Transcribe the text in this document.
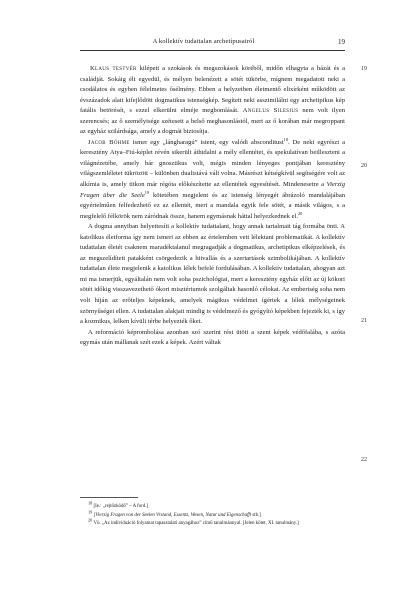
A kollektív tudattalan archetípusairól	19
19
20
21
22

Klaus testvér kilépett a szokások és megszokások köréből, midőn elhagyta a házát és a családját. Sokáig élt egyedül, és mélyen belenézett a sötét tükörbe, mígnem megadatott neki a csodálatos és egyben félelmetes ősélmény. Ebben a helyzetben életmentő elixírként működött az évszázadok alatt kifejlődött dogmatikus istenségkép. Segített neki asszimilálni egy archetipikus kép fatális betörését, s ezzel elkerülni elméje megbomlását. Angelus Silesius nem volt ilyen szerencsés; az ő személyisége szétesett a belső meghasonlástól, mert az ő korában már megroppant az egyház szilárdsága, amely a dogmát biztosítja.

Jacob Böhme ismer egy „lángharagú” istent, egy valódi absconditust$^{18}$. De neki egyrészt a keresztény Atya–Fiú-képlet révén sikerült áthidalni a mély ellentétet, és spekulatívan beilleszteni a világnézetébe, amely bár gnosztikus volt, mégis minden lényeges pontjában keresztény világszemléletet tükrözött – különben dualistává vált volna. Másrészt kétségkívül segítségére volt az alkímia is, amely titkon már régóta előkészítette az ellentétek egyesítését. Mindenesetre a Vierzig Fragen über die Seele$^{19}$ kötetében megjelent és az istenség lényegét ábrázoló mandalájában egyértelműen felfedezhető ez az ellentét, mert a mandala egyik fele sötét, a másik világos, s a megfelelő félkörök nem záródnak össze, hanem egymásnak háttal helyezkednek el.$^{20}$

A dogma annyiban helyettesíti a kollektív tudattalant, hogy annak tartalmait tág formába önti. A katolikus életforma így nem ismeri az ebben az értelemben vett lélektani problematikát. A kollektív tudattalan életét csaknem maradéktalanul megragadják a dogmatikus, archetipikus elképzelések, és az megszelídített patakként csörgedezik a hitvallás és a szertartások szimbolikájában. A kollektív tudattalan élete megjelenik a katolikus lélek befelé fordulásában. A kollektív tudattalan, ahogyan azt mi ma ismerjük, egyáltalán nem volt soha pszichológiai, mert a keresztény egyház előtt az új kökori sötét időkig visszavezethető ókori misztériumok szolgáltak hasonló célokat. Az emberiség soha nem volt híján az erőteljes képeknek, amelyek mágikus védelmet ígértek a lélek mélységeinek szörnyűségei ellen. A tudattalan alakjait mindig is védelmező és gyógyító képekben fejezték ki, s így a kozmikus, lelken kívüli térbe helyezték őket.

A reformáció képrombolása azonban szó szerint rést ütött a szent képek védőfalába, s azóta egymás után mállanak szét ezek a képek. Azért váltak

$^{18}$ [Ie.: „rejtőzködő” – A ford.]

$^{19}$ [Vierzig Fragen von der Seelen Vrstand, Essentz, Wesen, Natur und Eigenschafft stb.]

$^{20}$ Vö. „Az individuáció folyamat tapasztalati anyagához” című tanulmánnyal. [Jelen kötet, XI. tanulmány.]
